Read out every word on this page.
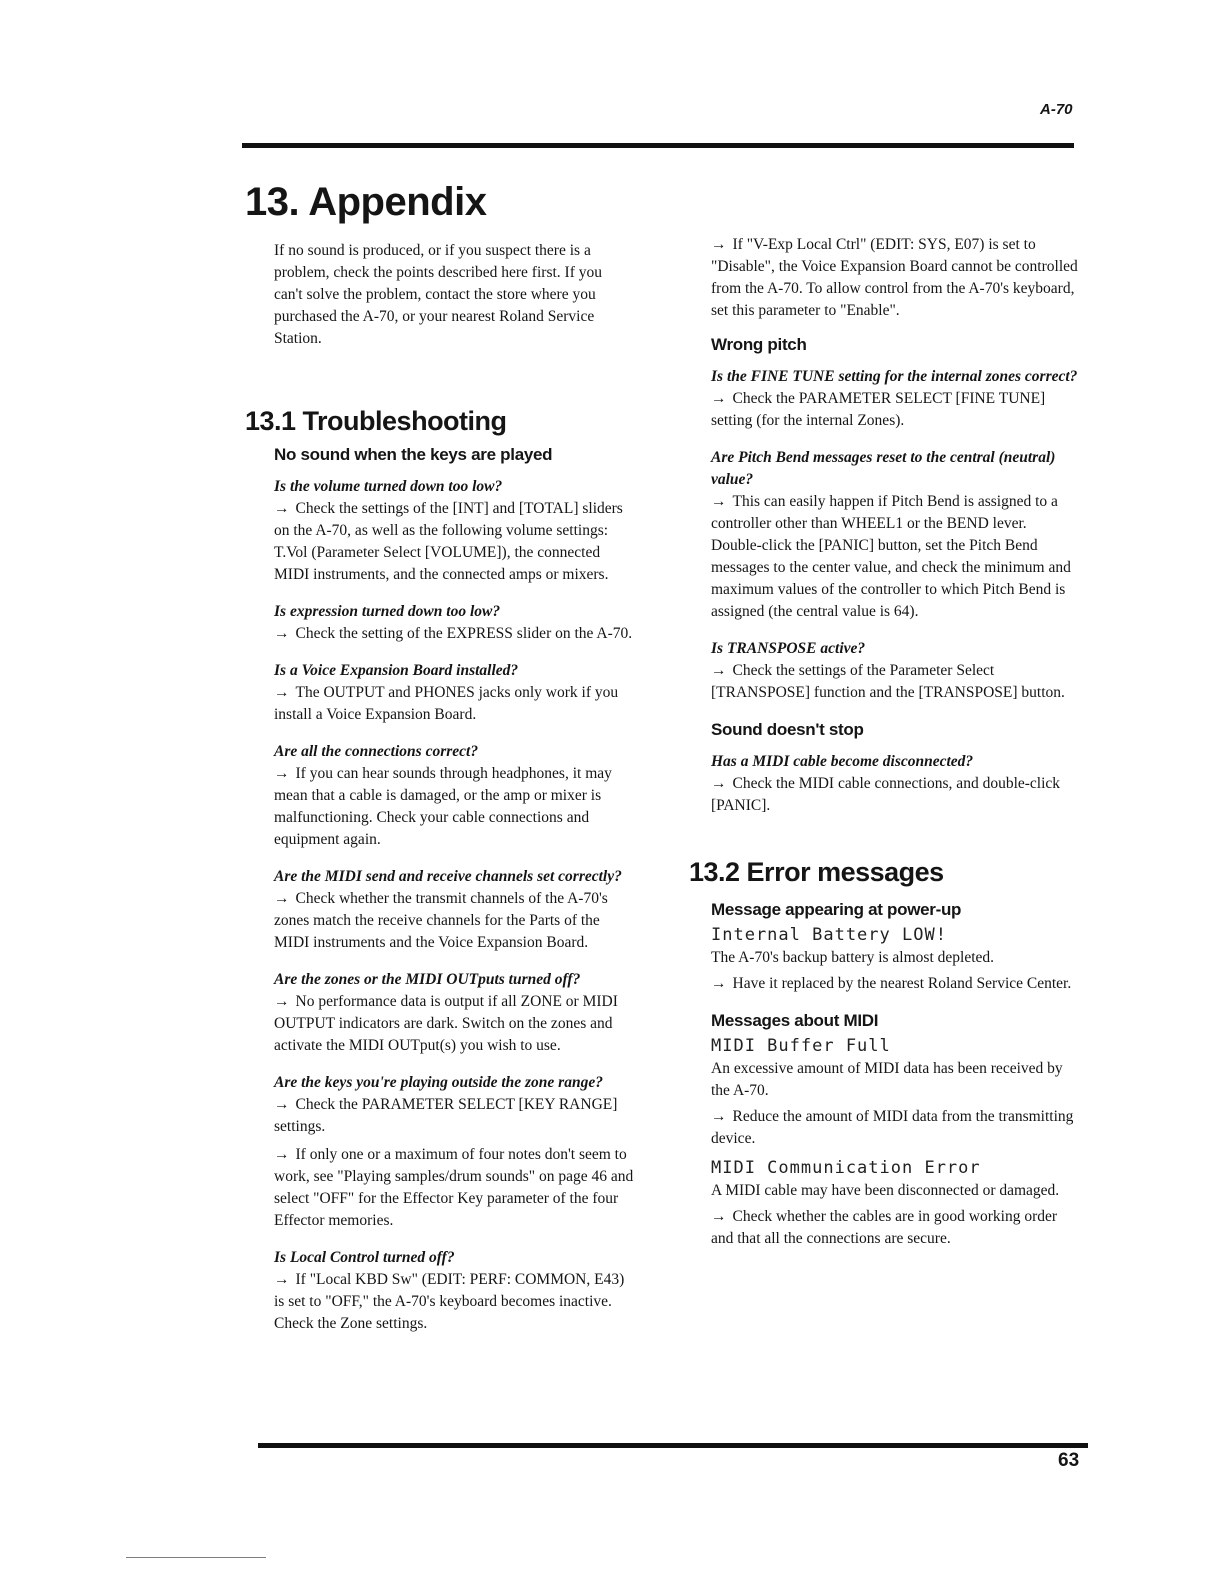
A-70
13. Appendix

If no sound is produced, or if you suspect there is a problem, check the points described here first. If you can't solve the problem, contact the store where you purchased the A-70, or your nearest Roland Service Station.

13.1 Troubleshooting
No sound when the keys are played

Is the volume turned down too low?

→ Check the settings of the [INT] and [TOTAL] sliders on the A-70, as well as the following volume settings: T.Vol (Parameter Select [VOLUME]), the connected MIDI instruments, and the connected amps or mixers.

Is expression turned down too low?

→ Check the setting of the EXPRESS slider on the A-70.

Is a Voice Expansion Board installed?

→ The OUTPUT and PHONES jacks only work if you install a Voice Expansion Board.

Are all the connections correct?

→ If you can hear sounds through headphones, it may mean that a cable is damaged, or the amp or mixer is malfunctioning. Check your cable connections and equipment again.

Are the MIDI send and receive channels set correctly?

→ Check whether the transmit channels of the A-70's zones match the receive channels for the Parts of the MIDI instruments and the Voice Expansion Board.

Are the zones or the MIDI OUTputs turned off?

→ No performance data is output if all ZONE or MIDI OUTPUT indicators are dark. Switch on the zones and activate the MIDI OUTput(s) you wish to use.

Are the keys you're playing outside the zone range?

→ Check the PARAMETER SELECT [KEY RANGE] settings.

→ If only one or a maximum of four notes don't seem to work, see "Playing samples/drum sounds" on page 46 and select "OFF" for the Effector Key parameter of the four Effector memories.

Is Local Control turned off?

→ If "Local KBD Sw" (EDIT: PERF: COMMON, E43) is set to "OFF," the A-70's keyboard becomes inactive. Check the Zone settings.

→ If "V-Exp Local Ctrl" (EDIT: SYS, E07) is set to "Disable", the Voice Expansion Board cannot be controlled from the A-70. To allow control from the A-70's keyboard, set this parameter to "Enable".

Wrong pitch

Is the FINE TUNE setting for the internal zones correct?

→ Check the PARAMETER SELECT [FINE TUNE] setting (for the internal Zones).

Are Pitch Bend messages reset to the central (neutral) value?

→ This can easily happen if Pitch Bend is assigned to a controller other than WHEEL1 or the BEND lever. Double-click the [PANIC] button, set the Pitch Bend messages to the center value, and check the minimum and maximum values of the controller to which Pitch Bend is assigned (the central value is 64).

Is TRANSPOSE active?

→ Check the settings of the Parameter Select [TRANSPOSE] function and the [TRANSPOSE] button.

Sound doesn't stop

Has a MIDI cable become disconnected?

→ Check the MIDI cable connections, and double-click [PANIC].

13.2 Error messages
Message appearing at power-up

Internal Battery LOW!

The A-70's backup battery is almost depleted.

→ Have it replaced by the nearest Roland Service Center.

Messages about MIDI

MIDI Buffer Full

An excessive amount of MIDI data has been received by the A-70.

→ Reduce the amount of MIDI data from the transmitting device.

MIDI Communication Error

A MIDI cable may have been disconnected or damaged.

→ Check whether the cables are in good working order and that all the connections are secure.

63
